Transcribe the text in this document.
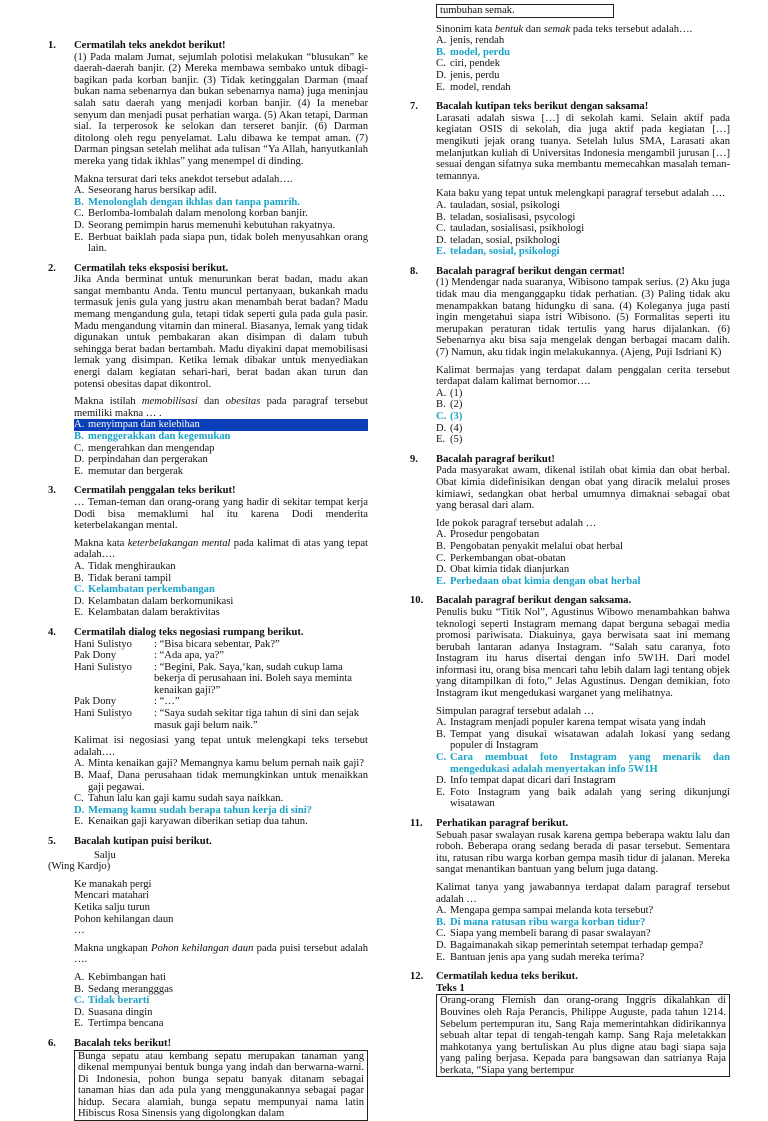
1. Cermatilah teks anekdot berikut!
(1) Pada malam Jumat, sejumlah polotisi melakukan “blusukan” ke daerah-daerah banjir. (2) Mereka membawa sembako untuk dibagi-bagikan pada korban banjir. (3) Tidak ketinggalan Darman (maaf bukan nama sebenarnya dan bukan sebenarnya nama) juga meninjau salah satu daerah yang menjadi korban banjir. (4) Ia menebar senyum dan menjadi pusat perhatian warga. (5) Akan tetapi, Darman sial. Ia terperosok ke selokan dan terseret banjir. (6) Darman ditolong oleh regu penyelamat. Lalu dibawa ke tempat aman. (7) Darman pingsan setelah melihat ada tulisan “Ya Allah, hanyutkanlah mereka yang tidak ikhlas” yang menempel di dinding.
Makna tersurat dari teks anekdot tersebut adalah….
A. Seseorang harus bersikap adil.
B. Menolonglah dengan ikhlas dan tanpa pamrih.
C. Berlomba-lombalah dalam menolong korban banjir.
D. Seorang pemimpin harus memenuhi kebutuhan rakyatnya.
E. Berbuat baiklah pada siapa pun, tidak boleh menyusahkan orang lain.
2. Cermatilah teks eksposisi berikut.
Jika Anda berminat untuk menurunkan berat badan, madu akan sangat membantu Anda. Tentu muncul pertanyaan, bukankah madu termasuk jenis gula yang justru akan menambah berat badan? Madu memang mengandung gula, tetapi tidak seperti gula pada gula pasir. Madu mengandung vitamin dan mineral. Biasanya, lemak yang tidak digunakan untuk pembakaran akan disimpan di dalam tubuh sehingga berat badan bertambah. Madu diyakini dapat memobilisasi lemak yang disimpan. Ketika lemak dibakar untuk menyediakan energi dalam kegiatan sehari-hari, berat badan akan turun dan potensi obesitas dapat dikontrol.
Makna istilah memobilisasi dan obesitas pada paragraf tersebut memiliki makna … .
A. menyimpan dan kelebihan
B. menggerakkan dan kegemukan
C. mengerahkan dan mengendap
D. perpindahan dan pergerakan
E. memutar dan bergerak
3. Cermatilah penggalan teks berikut!
… Teman-teman dan orang-orang yang hadir di sekitar tempat kerja Dodi bisa memaklumi hal itu karena Dodi menderita keterbelakangan mental.
Makna kata keterbelakangan mental pada kalimat di atas yang tepat adalah….
A. Tidak menghiraukan
B. Tidak berani tampil
C. Kelambatan perkembangan
D. Kelambatan dalam berkomunikasi
E. Kelambatan dalam beraktivitas
4. Cermatilah dialog teks negosiasi rumpang berikut.
Hani Sulistyo	: “Bisa bicara sebentar, Pak?”
Pak Dony	: “Ada apa, ya?”
Hani Sulistyo	: “Begini, Pak. Saya,‘kan, sudah cukup lama bekerja di perusahaan ini. Boleh saya meminta kenaikan gaji?”
Pak Dony	: “…”
Hani Sulistyo	: “Saya sudah sekitar tiga tahun di sini dan sejak masuk gaji belum naik.”
Kalimat isi negosiasi yang tepat untuk melengkapi teks tersebut adalah….
A. Minta kenaikan gaji? Memangnya kamu belum pernah naik gaji?
B. Maaf, Dana perusahaan tidak memungkinkan untuk menaikkan gaji pegawai.
C. Tahun lalu kan gaji kamu sudah saya naikkan.
D. Memang kamu sudah berapa tahun kerja di sini?
E. Kenaikan gaji karyawan diberikan setiap dua tahun.
5. Bacalah kutipan puisi berikut.
Salju
(Wing Kardjo)
Ke manakah pergi
Mencari matahari
Ketika salju turun
Pohon kehilangan daun
…
Makna ungkapan Pohon kehilangan daun pada puisi tersebut adalah ….
A. Kebimbangan hati
B. Sedang merangggas
C. Tidak berarti
D. Suasana dingin
E. Tertimpa bencana
6. Bacalah teks berikut!
Bunga sepatu atau kembang sepatu merupakan tanaman yang dikenal mempunyai bentuk bunga yang indah dan berwarna-warni. Di Indonesia, pohon bunga sepatu banyak ditanam sebagai tanaman hias dan ada pula yang menggunakannya sebagai pagar hidup. Secara alamiah, bunga sepatu mempunyai nama latin Hibiscus Rosa Sinensis yang digolongkan dalam
tumbuhan semak.
Sinonim kata bentuk dan semak pada teks tersebut adalah….
A. jenis, rendah
B. model, perdu
C. ciri, pendek
D. jenis, perdu
E. model, rendah
7. Bacalah kutipan teks berikut dengan saksama!
Larasati adalah siswa […] di sekolah kami. Selain aktif pada kegiatan OSIS di sekolah, dia juga aktif pada kegiatan […] mengikuti jejak orang tuanya. Setelah lulus SMA, Larasati akan melanjutkan kuliah di Universitas Indonesia mengambil jurusan […] sesuai dengan sifatnya suka membantu memecahkan masalah teman-temannya.
Kata baku yang tepat untuk melengkapi paragraf tersebut adalah ….
A. tauladan, sosial, psikologi
B. teladan, sosialisasi, psycologi
C. tauladan, sosialisasi, psikhologi
D. teladan, sosial, psikhologi
E. teladan, sosial, psikologi
8. Bacalah paragraf berikut dengan cermat!
(1) Mendengar nada suaranya, Wibisono tampak serius. (2) Aku juga tidak mau dia menganggapku tidak perhatian. (3) Paling tidak aku menampakkan batang hidungku di sana. (4) Koleganya juga pasti ingin mengetahui siapa istri Wibisono. (5) Formalitas seperti itu merupakan peraturan tidak tertulis yang harus dijalankan. (6) Sebenarnya aku bisa saja mengelak dengan berbagai macam dalih. (7) Namun, aku tidak ingin melakukannya. (Ajeng, Puji Isdriani K)
Kalimat bermajas yang terdapat dalam penggalan cerita tersebut terdapat dalam kalimat bernomor….
A. (1)
B. (2)
C. (3)
D. (4)
E. (5)
9. Bacalah paragraf berikut!
Pada masyarakat awam, dikenal istilah obat kimia dan obat herbal. Obat kimia didefinisikan dengan obat yang diracik melalui proses kimiawi, sedangkan obat herbal umumnya dimaknai sebagai obat yang berasal dari alam.
Ide pokok paragraf tersebut adalah …
A. Prosedur pengobatan
B. Pengobatan penyakit melalui obat herbal
C. Perkembangan obat-obatan
D. Obat kimia tidak dianjurkan
E. Perbedaan obat kimia dengan obat herbal
10. Bacalah paragraf berikut dengan saksama.
Penulis buku “Titik Nol”, Agustinus Wibowo menambahkan bahwa teknologi seperti Instagram memang dapat berguna sebagai media promosi pariwisata. Diakuinya, gaya berwisata saat ini memang berubah lantaran adanya Instagram. “Salah satu caranya, foto Instagram itu harus disertai dengan info 5W1H. Dari model informasi itu, orang bisa mencari tahu lebih dalam lagi tentang objek yang ditampilkan di foto,” Jelas Agustinus. Dengan demikian, foto Instagram ikut mengedukasi warganet yang melihatnya.
Simpulan paragraf tersebut adalah …
A. Instagram menjadi populer karena tempat wisata yang indah
B. Tempat yang disukai wisatawan adalah lokasi yang sedang populer di Instagram
C. Cara membuat foto Instagram yang menarik dan mengedukasi adalah menyertakan info 5W1H
D. Info tempat dapat dicari dari Instagram
E. Foto Instagram yang baik adalah yang sering dikunjungi wisatawan
11. Perhatikan paragraf berikut.
Sebuah pasar swalayan rusak karena gempa beberapa waktu lalu dan roboh. Beberapa orang sedang berada di pasar tersebut. Sementara itu, ratusan ribu warga korban gempa masih tidur di jalanan. Mereka sangat menantikan bantuan yang belum juga datang.
Kalimat tanya yang jawabannya terdapat dalam paragraf tersebut adalah …
A. Mengapa gempa sampai melanda kota tersebut?
B. Di mana ratusan ribu warga korban tidur?
C. Siapa yang membeli barang di pasar swalayan?
D. Bagaimanakah sikap pemerintah setempat terhadap gempa?
E. Bantuan jenis apa yang sudah mereka terima?
12. Cermatilah kedua teks berikut.
Teks 1
Orang-orang Flemish dan orang-orang Inggris dikalahkan di Bouvines oleh Raja Perancis, Philippe Auguste, pada tahun 1214. Sebelum pertempuran itu, Sang Raja memerintahkan didirikannya sebuah altar tepat di tengah-tengah kamp. Sang Raja meletakkan mahkotanya yang bertuliskan Au plus digne atau bagi siapa saja yang paling berjasa. Kepada para bangsawan dan satrianya Raja berkata, “Siapa yang bertempur
